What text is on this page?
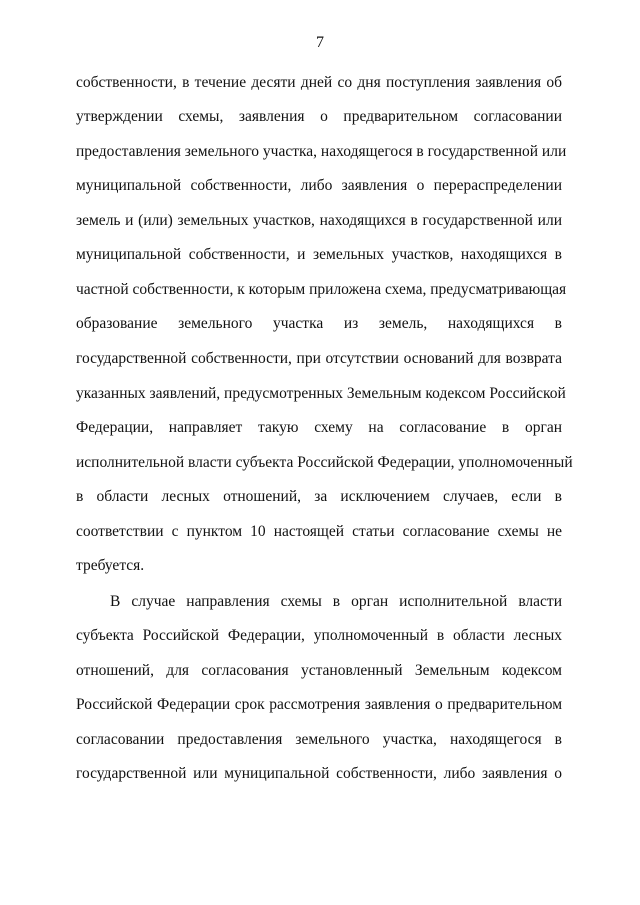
7
собственности, в течение десяти дней со дня поступления заявления об
утверждении схемы, заявления о предварительном согласовании
предоставления земельного участка, находящегося в государственной или
муниципальной собственности, либо заявления о перераспределении
земель и (или) земельных участков, находящихся в государственной или
муниципальной собственности, и земельных участков, находящихся в
частной собственности, к которым приложена схема, предусматривающая
образование земельного участка из земель, находящихся в
государственной собственности, при отсутствии оснований для возврата
указанных заявлений, предусмотренных Земельным кодексом Российской
Федерации, направляет такую схему на согласование в орган
исполнительной власти субъекта Российской Федерации, уполномоченный
в области лесных отношений, за исключением случаев, если в
соответствии с пунктом 10 настоящей статьи согласование схемы не
требуется.
В случае направления схемы в орган исполнительной власти
субъекта Российской Федерации, уполномоченный в области лесных
отношений, для согласования установленный Земельным кодексом
Российской Федерации срок рассмотрения заявления о предварительном
согласовании предоставления земельного участка, находящегося в
государственной или муниципальной собственности, либо заявления о
